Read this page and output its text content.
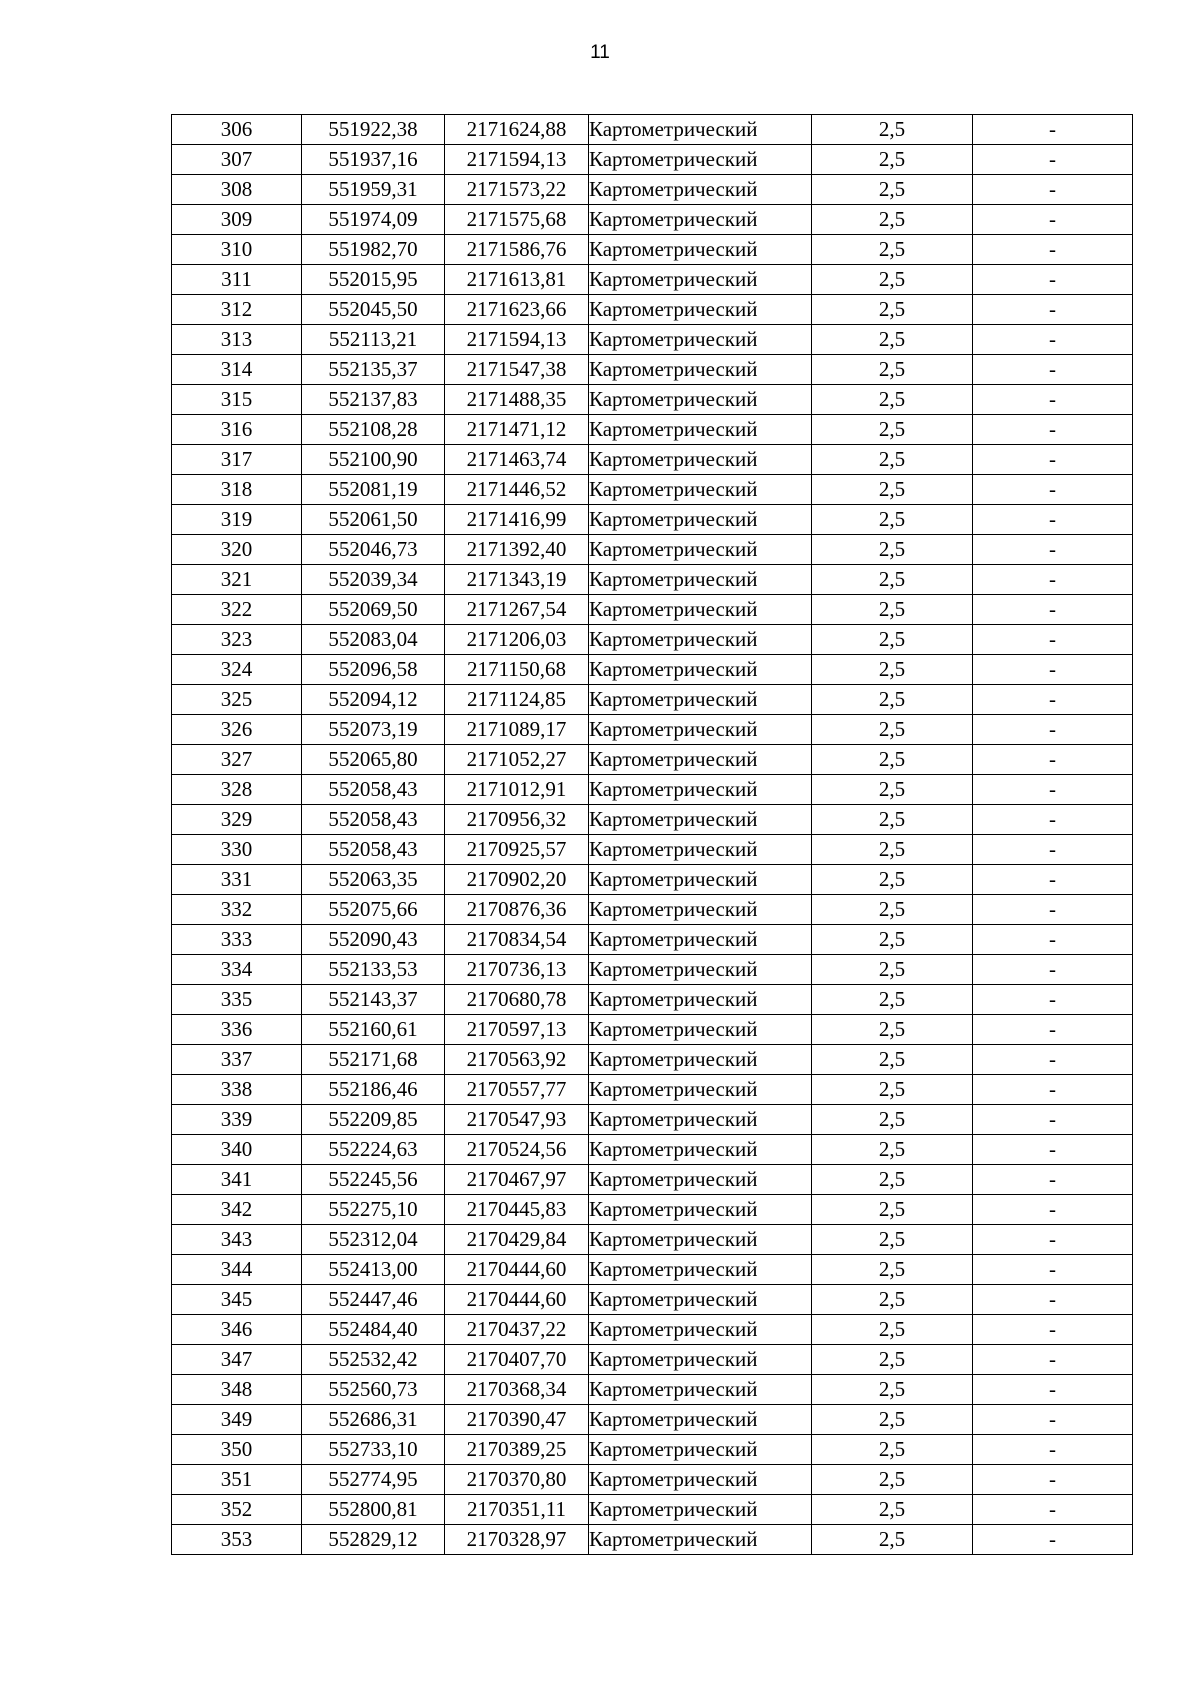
11
306	551922,38	2171624,88	Картометрический	2,5	-
307	551937,16	2171594,13	Картометрический	2,5	-
308	551959,31	2171573,22	Картометрический	2,5	-
309	551974,09	2171575,68	Картометрический	2,5	-
310	551982,70	2171586,76	Картометрический	2,5	-
311	552015,95	2171613,81	Картометрический	2,5	-
312	552045,50	2171623,66	Картометрический	2,5	-
313	552113,21	2171594,13	Картометрический	2,5	-
314	552135,37	2171547,38	Картометрический	2,5	-
315	552137,83	2171488,35	Картометрический	2,5	-
316	552108,28	2171471,12	Картометрический	2,5	-
317	552100,90	2171463,74	Картометрический	2,5	-
318	552081,19	2171446,52	Картометрический	2,5	-
319	552061,50	2171416,99	Картометрический	2,5	-
320	552046,73	2171392,40	Картометрический	2,5	-
321	552039,34	2171343,19	Картометрический	2,5	-
322	552069,50	2171267,54	Картометрический	2,5	-
323	552083,04	2171206,03	Картометрический	2,5	-
324	552096,58	2171150,68	Картометрический	2,5	-
325	552094,12	2171124,85	Картометрический	2,5	-
326	552073,19	2171089,17	Картометрический	2,5	-
327	552065,80	2171052,27	Картометрический	2,5	-
328	552058,43	2171012,91	Картометрический	2,5	-
329	552058,43	2170956,32	Картометрический	2,5	-
330	552058,43	2170925,57	Картометрический	2,5	-
331	552063,35	2170902,20	Картометрический	2,5	-
332	552075,66	2170876,36	Картометрический	2,5	-
333	552090,43	2170834,54	Картометрический	2,5	-
334	552133,53	2170736,13	Картометрический	2,5	-
335	552143,37	2170680,78	Картометрический	2,5	-
336	552160,61	2170597,13	Картометрический	2,5	-
337	552171,68	2170563,92	Картометрический	2,5	-
338	552186,46	2170557,77	Картометрический	2,5	-
339	552209,85	2170547,93	Картометрический	2,5	-
340	552224,63	2170524,56	Картометрический	2,5	-
341	552245,56	2170467,97	Картометрический	2,5	-
342	552275,10	2170445,83	Картометрический	2,5	-
343	552312,04	2170429,84	Картометрический	2,5	-
344	552413,00	2170444,60	Картометрический	2,5	-
345	552447,46	2170444,60	Картометрический	2,5	-
346	552484,40	2170437,22	Картометрический	2,5	-
347	552532,42	2170407,70	Картометрический	2,5	-
348	552560,73	2170368,34	Картометрический	2,5	-
349	552686,31	2170390,47	Картометрический	2,5	-
350	552733,10	2170389,25	Картометрический	2,5	-
351	552774,95	2170370,80	Картометрический	2,5	-
352	552800,81	2170351,11	Картометрический	2,5	-
353	552829,12	2170328,97	Картометрический	2,5	-
